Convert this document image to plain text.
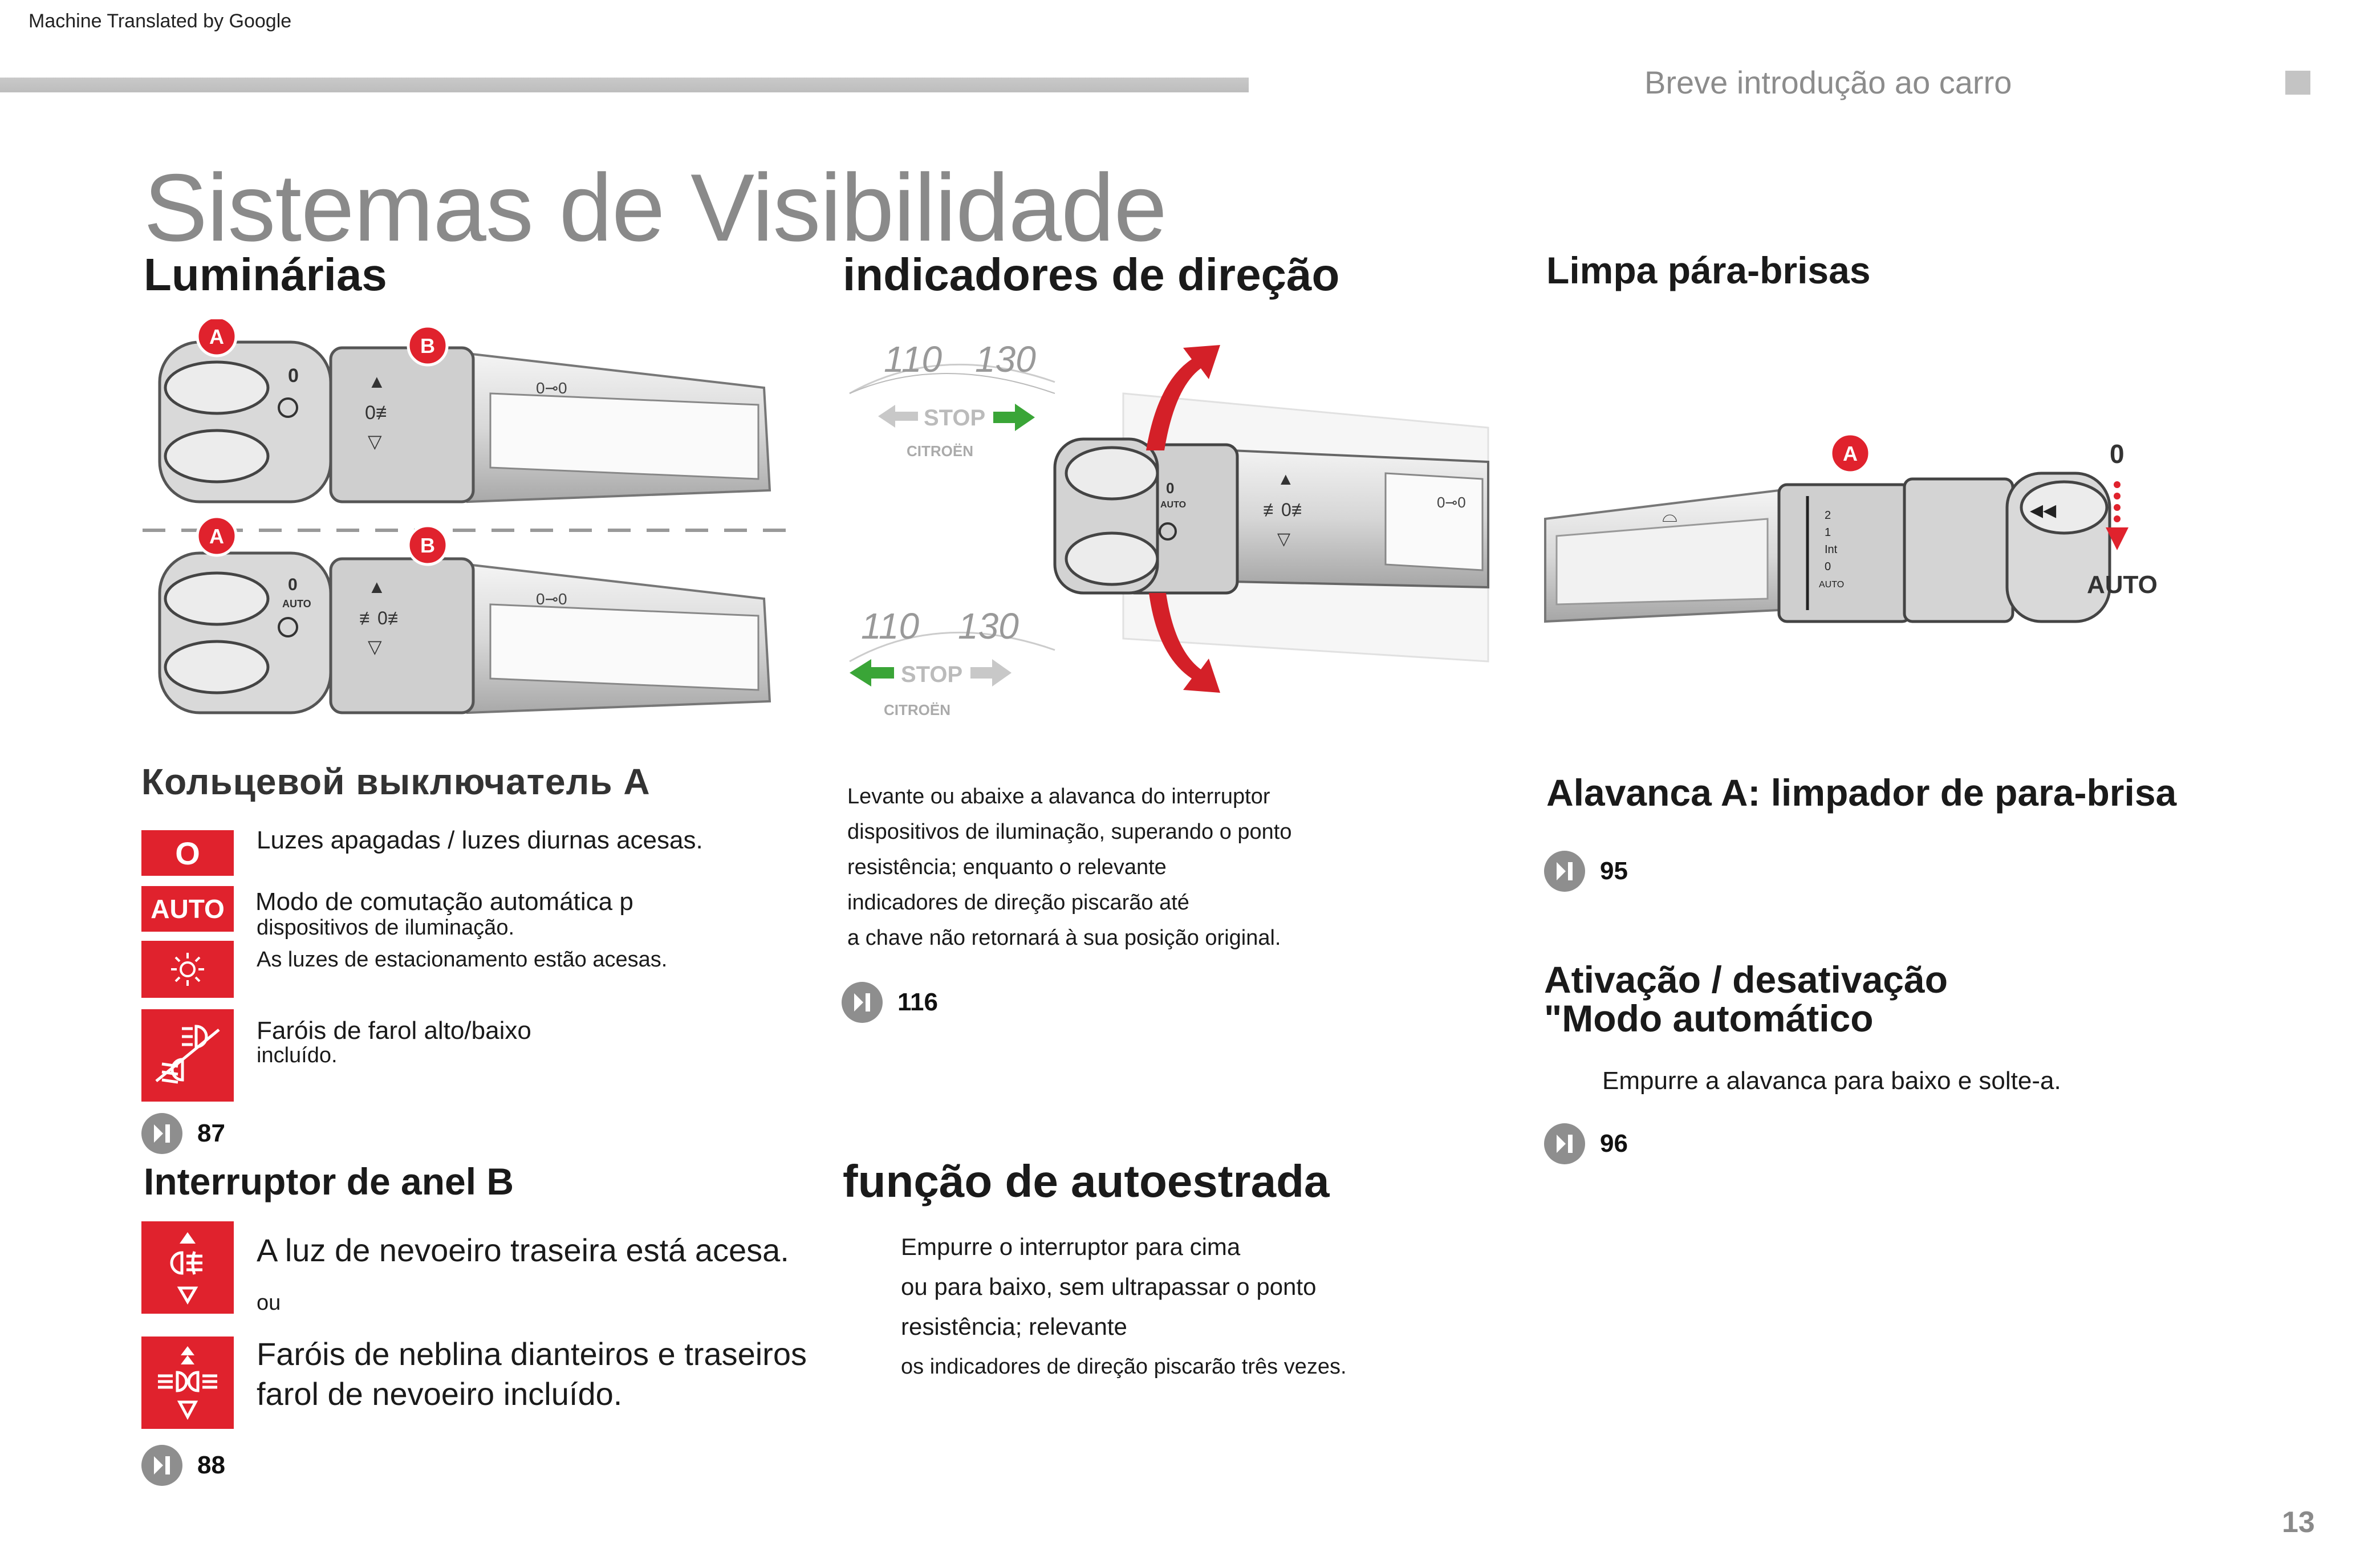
Machine Translated by Google
Breve introdução ao carro
Sistemas de Visibilidade
Luminárias
0	▲
0≢
▽
0⊸0
A	B
0
AUTO
▲
≢0≢
▽
0⊸0
A	B
Кольцевой выключатель A
O Luzes apagadas / luzes diurnas acesas.
AUTO Modo de comutação automática p
dispositivos de iluminação.
As luzes de estacionamento estão acesas.
Faróis de farol alto/baixo
incluído.
87
Interruptor de anel B
A luz de nevoeiro traseira está acesa.
ou
Faróis de neblina dianteiros e traseiros
farol de nevoeiro incluído.
88
indicadores de direção
110 130
STOP
CITROËN
110 130
STOP
CITROËN
0
AUTO
▲
≢0≢
▽
0⊸0
Levante ou abaixe a alavanca do interruptor
dispositivos de iluminação, superando o ponto
resistência; enquanto o relevante
indicadores de direção piscarão até
a chave não retornará à sua posição original.
116
função de autoestrada
Empurre o interruptor para cima
ou para baixo, sem ultrapassar o ponto
resistência; relevante
os indicadores de direção piscarão três vezes.
Limpa pára-brisas
⌓	2
1
Int
0
AUTO
◀◀
A	0
AUTO
Alavanca A: limpador de para-brisa
95
Ativação / desativação
"Modo automático
Empurre a alavanca para baixo e solte-a.
96
13
